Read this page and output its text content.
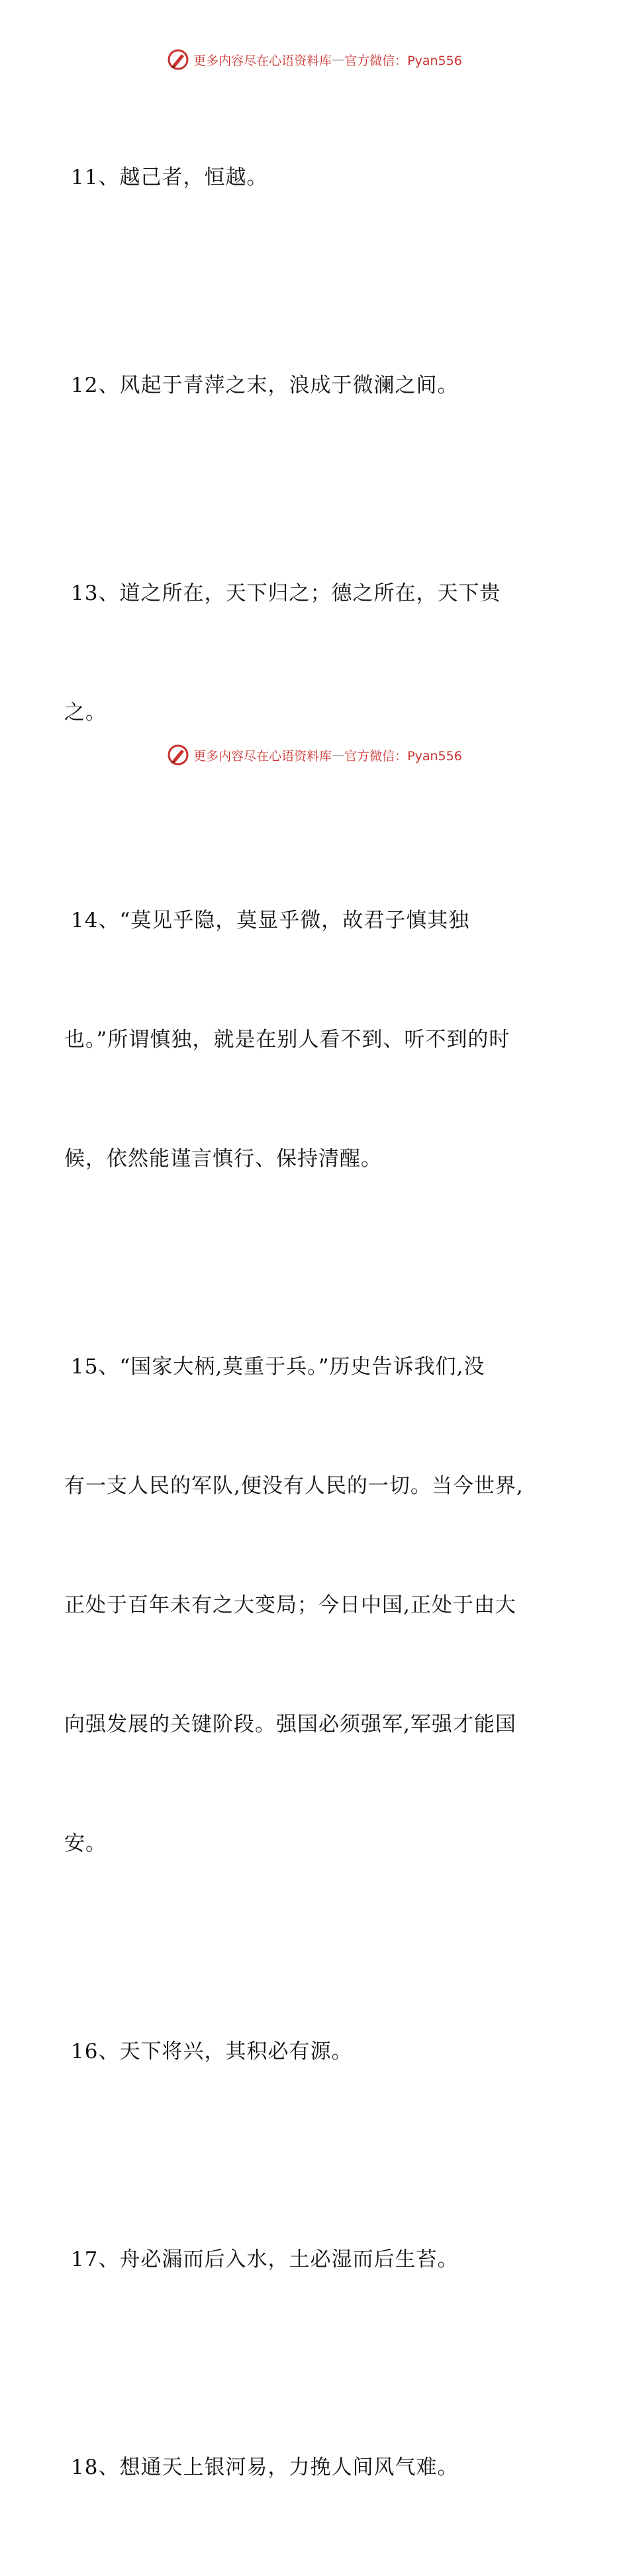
更多内容尽在心语资料库 — 官方微信：Pyan556

11、越己者，恒越。

12、风起于青萍之末，浪成于微澜之间。

13、道之所在，天下归之；德之所在，天下贵

之。

14、“莫见乎隐，莫显乎微，故君子慎其独

也。”所谓慎独，就是在别人看不到、听不到的时

候，依然能谨言慎行、保持清醒。

15、“国家大柄,莫重于兵。”历史告诉我们,没

有一支人民的军队,便没有人民的一切。当今世界,

正处于百年未有之大变局；今日中国,正处于由大

向强发展的关键阶段。强国必须强军,军强才能国

安。

16、天下将兴，其积必有源。

17、舟必漏而后入水，土必湿而后生苔。

18、想通天上银河易，力挽人间风气难。

更多内容尽在心语资料库 — 官方微信：Pyan556
